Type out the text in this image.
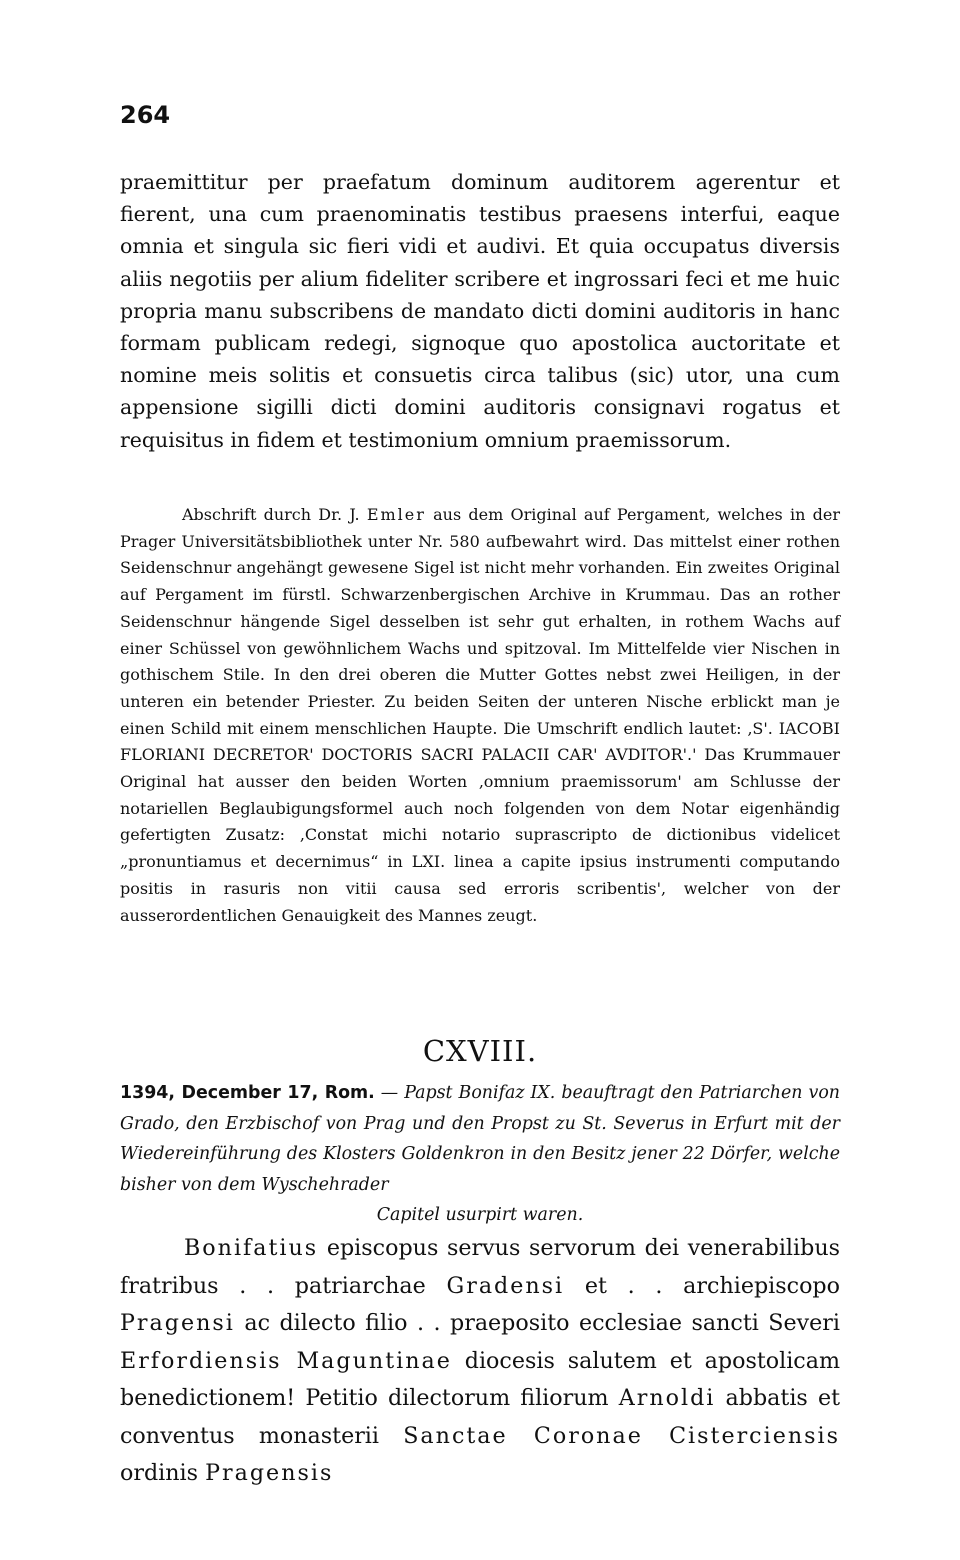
264

praemittitur per praefatum dominum auditorem agerentur et fierent, una cum praenominatis testibus praesens interfui, eaque omnia et singula sic fieri vidi et audivi. Et quia occupatus diversis aliis negotiis per alium fideliter scribere et ingrossari feci et me huic propria manu subscribens de mandato dicti domini auditoris in hanc formam publicam redegi, signoque quo apostolica auctoritate et nomine meis solitis et consuetis circa talibus (sic) utor, una cum appensione sigilli dicti domini auditoris consignavi rogatus et requisitus in fidem et testimonium omnium praemissorum.

Abschrift durch Dr. J. Emler aus dem Original auf Pergament, welches in der Prager Universitätsbibliothek unter Nr. 580 aufbewahrt wird. Das mittelst einer rothen Seidenschnur angehängt gewesene Sigel ist nicht mehr vorhanden. Ein zweites Original auf Pergament im fürstl. Schwarzenbergischen Archive in Krummau. Das an rother Seidenschnur hängende Sigel desselben ist sehr gut erhalten, in rothem Wachs auf einer Schüssel von gewöhnlichem Wachs und spitzoval. Im Mittelfelde vier Nischen in gothischem Stile. In den drei oberen die Mutter Gottes nebst zwei Heiligen, in der unteren ein betender Priester. Zu beiden Seiten der unteren Nische erblickt man je einen Schild mit einem menschlichen Haupte. Die Umschrift endlich lautet: ‚S'. IACOBI FLORIANI DECRETOR' DOCTORIS SACRI PALACII CAR' AVDITOR'.' Das Krummauer Original hat ausser den beiden Worten ‚omnium praemissorum' am Schlusse der notariellen Beglaubigungsformel auch noch folgenden von dem Notar eigenhändig gefertigten Zusatz: ‚Constat michi notario suprascripto de dictionibus videlicet „pronuntiamus et decernimus“ in LXI. linea a capite ipsius instrumenti computando positis in rasuris non vitii causa sed erroris scribentis', welcher von der ausserordentlichen Genauigkeit des Mannes zeugt.

CXVIII.

1394, December 17, Rom. — Papst Bonifaz IX. beauftragt den Patriarchen von Grado, den Erzbischof von Prag und den Propst zu St. Severus in Erfurt mit der Wiedereinführung des Klosters Goldenkron in den Besitz jener 22 Dörfer, welche bisher von dem Wyschehrader
Capitel usurpirt waren.

Bonifatius episcopus servus servorum dei venerabilibus fratribus . . patriarchae Gradensi et . . archiepiscopo Pragensi ac dilecto filio . . praeposito ecclesiae sancti Severi Erfordiensis Maguntinae diocesis salutem et apostolicam benedictionem! Petitio dilectorum filiorum Arnoldi abbatis et conventus monasterii Sanctae Coronae Cisterciensis ordinis Pragensis
